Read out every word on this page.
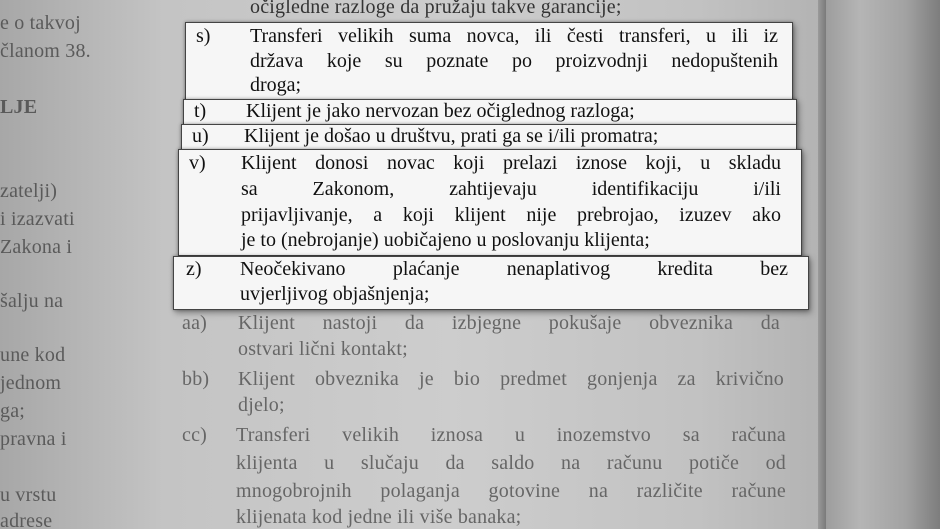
e o takvoj
članom 38.
LJE
zatelji)
i izazvati
Zakona i
šalju na
une kod
jednom
ga;
pravna i
u vrstu
adrese
očigledne razloge da pružaju takve garancije;
aa) Klijent nastoji da izbjegne pokušaje obveznika da
ostvari lični kontakt;
bb) Klijent obveznika je bio predmet gonjenja za krivično
djelo;
cc) Transferi velikih iznosa u inozemstvo sa računa
klijenta u slučaju da saldo na računu potiče od
mnogobrojnih polaganja gotovine na različite račune
klijenata kod jedne ili više banaka;
s) Transferi velikih suma novca, ili česti transferi, u ili iz
država koje su poznate po proizvodnji nedopuštenih
droga;
t) Klijent je jako nervozan bez očiglednog razloga;
u) Klijent je došao u društvu, prati ga se i/ili promatra;
v) Klijent donosi novac koji prelazi iznose koji, u skladu
sa Zakonom, zahtijevaju identifikaciju i/ili
prijavljivanje, a koji klijent nije prebrojao, izuzev ako
je to (nebrojanje) uobičajeno u poslovanju klijenta;
z) Neočekivano plaćanje nenaplativog kredita bez
uvjerljivog objašnjenja;
